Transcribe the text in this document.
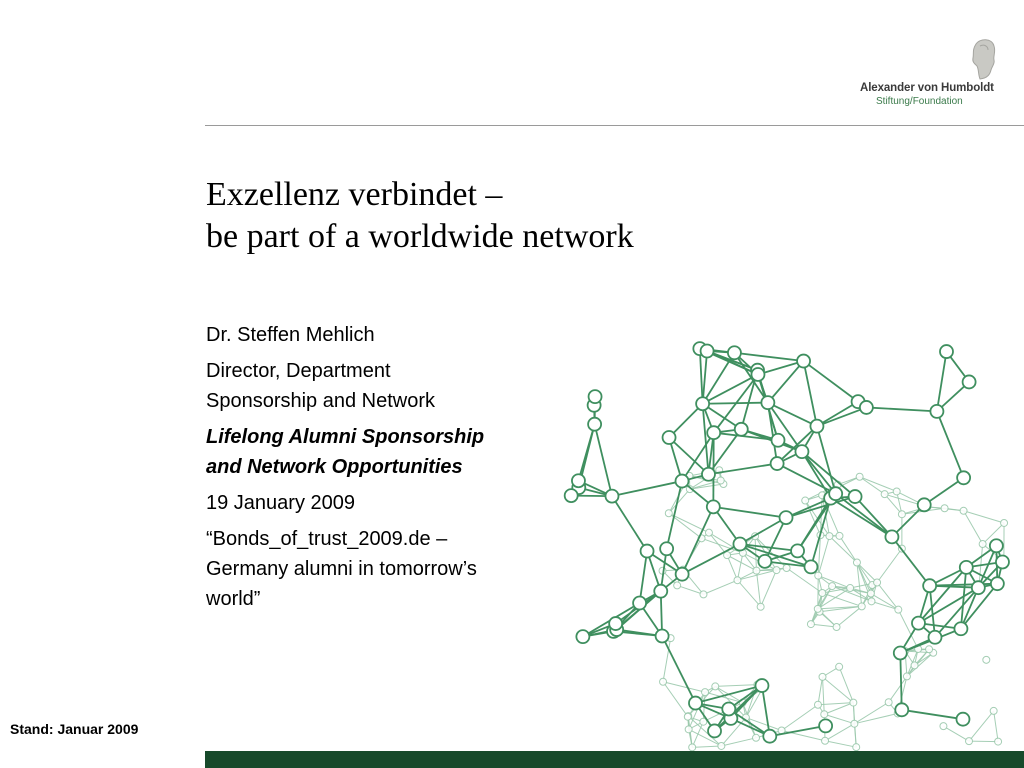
Alexander von Humboldt
Stiftung/Foundation
Exzellenz verbindet –
be part of a worldwide network

Dr. Steffen Mehlich

Director, Department
Sponsorship and Network

Lifelong Alumni Sponsorship
and Network Opportunities

19 January 2009

“Bonds_of_trust_2009.de –
Germany alumni in tomorrow’s
world”

Stand: Januar 2009
